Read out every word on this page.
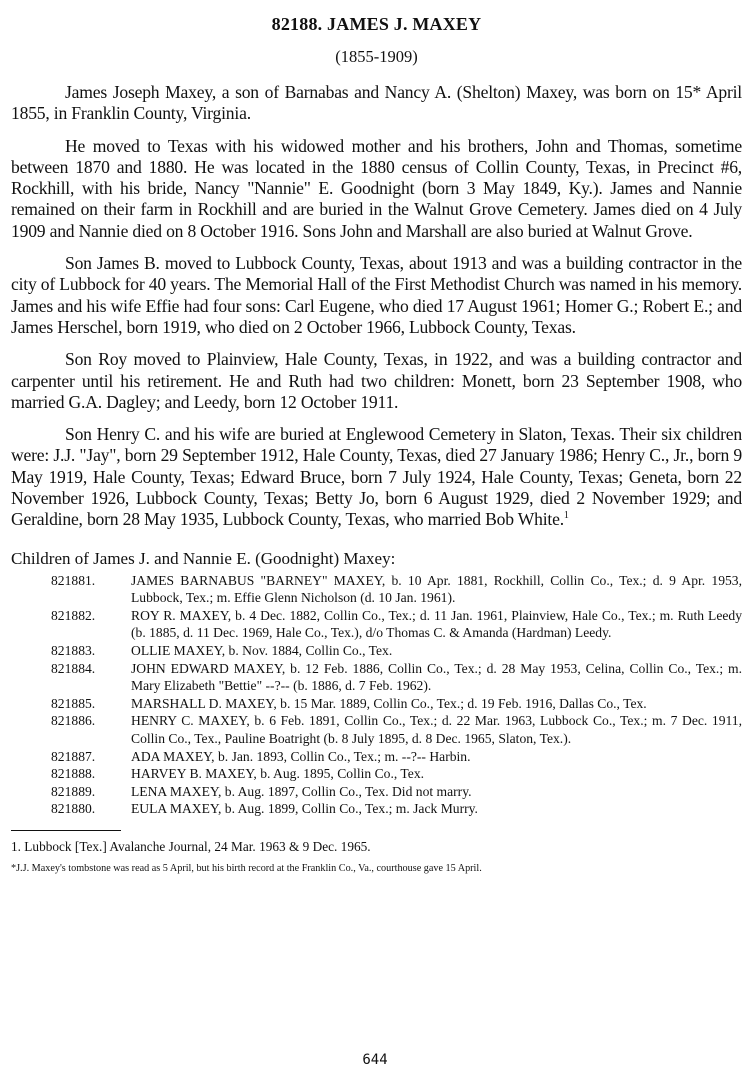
82188. JAMES J. MAXEY
(1855-1909)

James Joseph Maxey, a son of Barnabas and Nancy A. (Shelton) Maxey, was born on 15* April 1855, in Franklin County, Virginia.

He moved to Texas with his widowed mother and his brothers, John and Thomas, sometime between 1870 and 1880. He was located in the 1880 census of Collin County, Texas, in Precinct #6, Rockhill, with his bride, Nancy "Nannie" E. Goodnight (born 3 May 1849, Ky.). James and Nannie remained on their farm in Rockhill and are buried in the Walnut Grove Cemetery. James died on 4 July 1909 and Nannie died on 8 October 1916. Sons John and Marshall are also buried at Walnut Grove.

Son James B. moved to Lubbock County, Texas, about 1913 and was a building contractor in the city of Lubbock for 40 years. The Memorial Hall of the First Methodist Church was named in his memory. James and his wife Effie had four sons: Carl Eugene, who died 17 August 1961; Homer G.; Robert E.; and James Herschel, born 1919, who died on 2 October 1966, Lubbock County, Texas.

Son Roy moved to Plainview, Hale County, Texas, in 1922, and was a building contractor and carpenter until his retirement. He and Ruth had two children: Monett, born 23 September 1908, who married G.A. Dagley; and Leedy, born 12 October 1911.

Son Henry C. and his wife are buried at Englewood Cemetery in Slaton, Texas. Their six children were: J.J. "Jay", born 29 September 1912, Hale County, Texas, died 27 January 1986; Henry C., Jr., born 9 May 1919, Hale County, Texas; Edward Bruce, born 7 July 1924, Hale County, Texas; Geneta, born 22 November 1926, Lubbock County, Texas; Betty Jo, born 6 August 1929, died 2 November 1929; and Geraldine, born 28 May 1935, Lubbock County, Texas, who married Bob White.$^1$

Children of James J. and Nannie E. (Goodnight) Maxey:
821881.	JAMES BARNABUS "BARNEY" MAXEY, b. 10 Apr. 1881, Rockhill, Collin Co., Tex.; d. 9 Apr. 1953, Lubbock, Tex.; m. Effie Glenn Nicholson (d. 10 Jan. 1961).
821882.	ROY R. MAXEY, b. 4 Dec. 1882, Collin Co., Tex.; d. 11 Jan. 1961, Plainview, Hale Co., Tex.; m. Ruth Leedy (b. 1885, d. 11 Dec. 1969, Hale Co., Tex.), d/o Thomas C. & Amanda (Hardman) Leedy.
821883.	OLLIE MAXEY, b. Nov. 1884, Collin Co., Tex.
821884.	JOHN EDWARD MAXEY, b. 12 Feb. 1886, Collin Co., Tex.; d. 28 May 1953, Celina, Collin Co., Tex.; m. Mary Elizabeth "Bettie" --?-- (b. 1886, d. 7 Feb. 1962).
821885.	MARSHALL D. MAXEY, b. 15 Mar. 1889, Collin Co., Tex.; d. 19 Feb. 1916, Dallas Co., Tex.
821886.	HENRY C. MAXEY, b. 6 Feb. 1891, Collin Co., Tex.; d. 22 Mar. 1963, Lubbock Co., Tex.; m. 7 Dec. 1911, Collin Co., Tex., Pauline Boatright (b. 8 July 1895, d. 8 Dec. 1965, Slaton, Tex.).
821887.	ADA MAXEY, b. Jan. 1893, Collin Co., Tex.; m. --?-- Harbin.
821888.	HARVEY B. MAXEY, b. Aug. 1895, Collin Co., Tex.
821889.	LENA MAXEY, b. Aug. 1897, Collin Co., Tex. Did not marry.
821880.	EULA MAXEY, b. Aug. 1899, Collin Co., Tex.; m. Jack Murry.

1. Lubbock [Tex.] Avalanche Journal, 24 Mar. 1963 & 9 Dec. 1965.

*J.J. Maxey's tombstone was read as 5 April, but his birth record at the Franklin Co., Va., courthouse gave 15 April.

644
